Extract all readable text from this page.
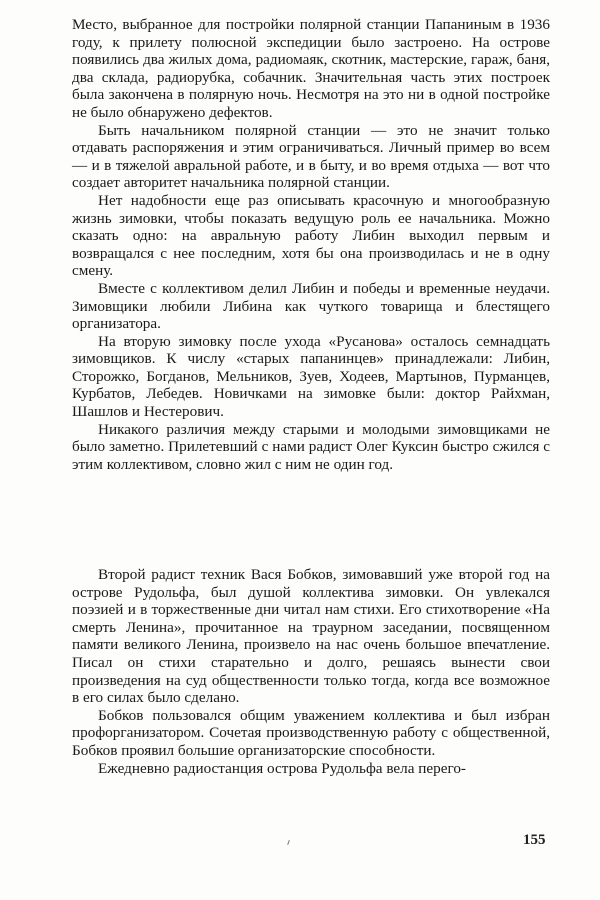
Место, выбранное для постройки полярной станции Папаниным в 1936 году, к прилету полюсной экспедиции было застроено. На острове появились два жилых дома, радиомаяк, скотник, мастерские, гараж, баня, два склада, радиорубка, собачник. Значительная часть этих построек была закончена в полярную ночь. Несмотря на это ни в одной постройке не было обнаружено дефектов.

Быть начальником полярной станции — это не значит только отдавать распоряжения и этим ограничиваться. Личный пример во всем — и в тяжелой авральной работе, и в быту, и во время отдыха — вот что создает авторитет начальника полярной станции.

Нет надобности еще раз описывать красочную и многообразную жизнь зимовки, чтобы показать ведущую роль ее начальника. Можно сказать одно: на авральную работу Либин выходил первым и возвращался с нее последним, хотя бы она производилась и не в одну смену.

Вместе с коллективом делил Либин и победы и временные неудачи. Зимовщики любили Либина как чуткого товарища и блестящего организатора.

На вторую зимовку после ухода «Русанова» осталось семнадцать зимовщиков. К числу «старых папанинцев» принадлежали: Либин, Сторожко, Богданов, Мельников, Зуев, Ходеев, Мартынов, Пурманцев, Курбатов, Лебедев. Новичками на зимовке были: доктор Райхман, Шашлов и Нестерович.

Никакого различия между старыми и молодыми зимовщиками не было заметно. Прилетевший с нами радист Олег Куксин быстро сжился с этим коллективом, словно жил с ним не один год.

Второй радист техник Вася Бобков, зимовавший уже второй год на острове Рудольфа, был душой коллектива зимовки. Он увлекался поэзией и в торжественные дни читал нам стихи. Его стихотворение «На смерть Ленина», прочитанное на траурном заседании, посвященном памяти великого Ленина, произвело на нас очень большое впечатление. Писал он стихи старательно и долго, решаясь вынести свои произведения на суд общественности только тогда, когда все возможное в его силах было сделано.

Бобков пользовался общим уважением коллектива и был избран профорганизатором. Сочетая производственную работу с общественной, Бобков проявил большие организаторские способности.

Ежедневно радиостанция острова Рудольфа вела перего-

155
